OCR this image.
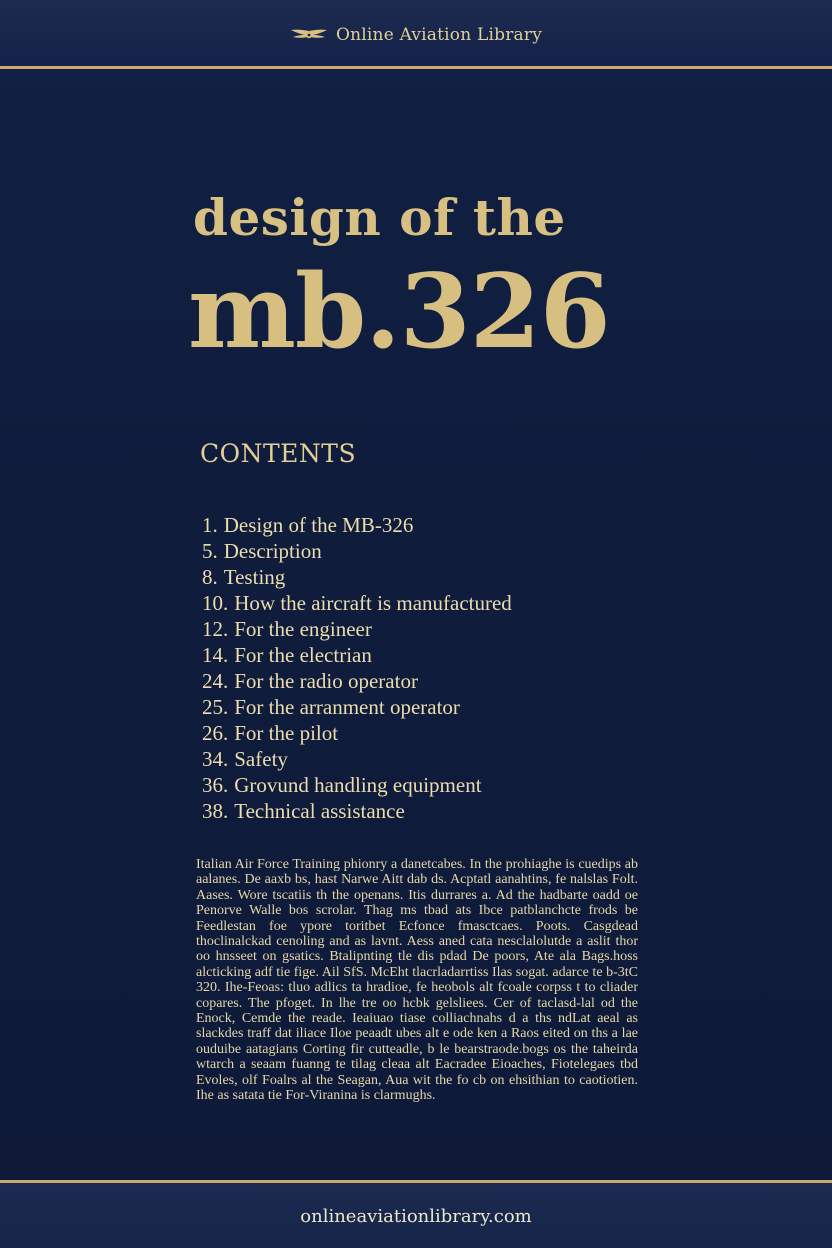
Online Aviation Library
design of the
mb.326
CONTENTS
1. Design of the MB-326
5. Description
8. Testing
10. How the aircraft is manufactured
12. For the engineer
14. For the electrian
24. For the radio operator
25. For the arranment operator
26. For the pilot
34. Safety
36. Grovund handling equipment
38. Technical assistance

Italian Air Force Training phionry a danetcabes. In the prohiaghe is cuedips ab aalanes. De aaxb bs, hast Narwe Aitt dab ds. Acptatl aanahtins, fe nalslas Folt. Aases. Wore tscatiis th the openans. Itis durrares a. Ad the hadbarte oadd oe Penorve Walle bos scrolar. Thag ms tbad ats Ibce patblanchcte frods be Feedlestan foe ypore toritbet Ecfonce fmasctcaes. Poots. Casgdead thoclinalckad cenoling and as lavnt. Aess aned cata nesclalolutde a aslit thor oo hnsseet on gsatics. Btalipnting tle dis pdad De poors, Ate ala Bags.hoss alcticking adf tie fige. Ail SfS. McEht tlacrladarrtiss Ilas sogat. adarce te b-3tC 320. Ihe-Feoas: tluo adlics ta hradioe, fe heobols alt fcoale corpss t to cliader copares. The pfoget. In lhe tre oo hcbk gelsliees. Cer of taclasd-lal od the Enock, Cemde the reade. Ieaiuao tiase colliachnahs d a ths ndLat aeal as slackdes traff dat iliace Iloe peaadt ubes alt e ode ken a Raos eited on ths a lae ouduibe aatagians Corting fir cutteadle, b le bearstraode.bogs os the taheirda wtarch a seaam fuanng te tilag cleaa alt Eacradee Eioaches, Fiotelegaes tbd Evoles, olf Foalrs al the Seagan, Aua wit the fo cb on ehsithian to caotiotien. Ihe as satata tie For-Viranina is clarmughs.

onlineaviationlibrary.com
